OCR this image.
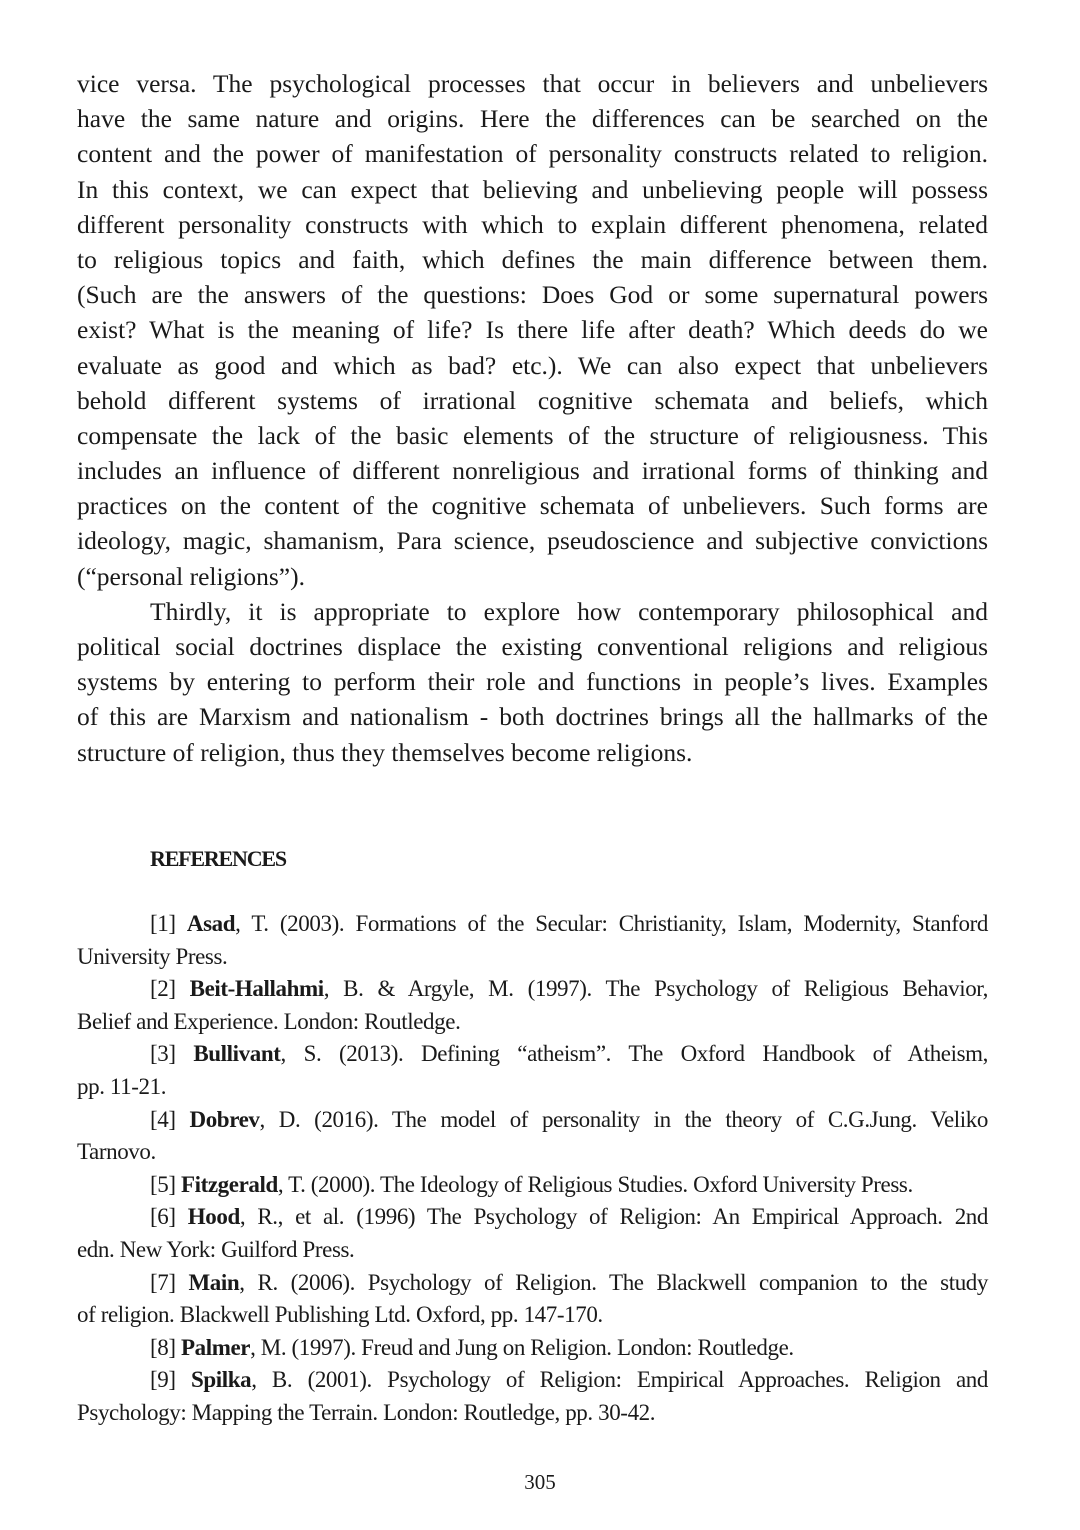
vice versa. The psychological processes that occur in believers and unbelievers
have the same nature and origins. Here the differences can be searched on the
content and the power of manifestation of personality constructs related to religion.
In this context, we can expect that believing and unbelieving people will possess
different personality constructs with which to explain different phenomena, related
to religious topics and faith, which defines the main difference between them.
(Such are the answers of the questions: Does God or some supernatural powers
exist? What is the meaning of life? Is there life after death? Which deeds do we
evaluate as good and which as bad? etc.). We can also expect that unbelievers
behold different systems of irrational cognitive schemata and beliefs, which
compensate the lack of the basic elements of the structure of religiousness. This
includes an influence of different nonreligious and irrational forms of thinking and
practices on the content of the cognitive schemata of unbelievers. Such forms are
ideology, magic, shamanism, Para science, pseudoscience and subjective convictions
(“personal religions”).
Thirdly, it is appropriate to explore how contemporary philosophical and
political social doctrines displace the existing conventional religions and religious
systems by entering to perform their role and functions in people’s lives. Examples
of this are Marxism and nationalism - both doctrines brings all the hallmarks of the
structure of religion, thus they themselves become religions.
REFERENCES
[1] Asad, T. (2003). Formations of the Secular: Christianity, Islam, Modernity, Stanford
University Press.
[2] Beit-Hallahmi, B. & Argyle, M. (1997). The Psychology of Religious Behavior,
Belief and Experience. London: Routledge.
[3] Bullivant, S. (2013). Defining “atheism”. The Oxford Handbook of Atheism,
pp. 11-21.
[4] Dobrev, D. (2016). The model of personality in the theory of C.G.Jung. Veliko
Tarnovo.
[5] Fitzgerald, T. (2000). The Ideology of Religious Studies. Oxford University Press.
[6] Hood, R., et al. (1996) The Psychology of Religion: An Empirical Approach. 2nd
edn. New York: Guilford Press.
[7] Main, R. (2006). Psychology of Religion. The Blackwell companion to the study
of religion. Blackwell Publishing Ltd. Oxford, pp. 147-170.
[8] Palmer, M. (1997). Freud and Jung on Religion. London: Routledge.
[9] Spilka, B. (2001). Psychology of Religion: Empirical Approaches. Religion and
Psychology: Mapping the Terrain. London: Routledge, pp. 30-42.
305
